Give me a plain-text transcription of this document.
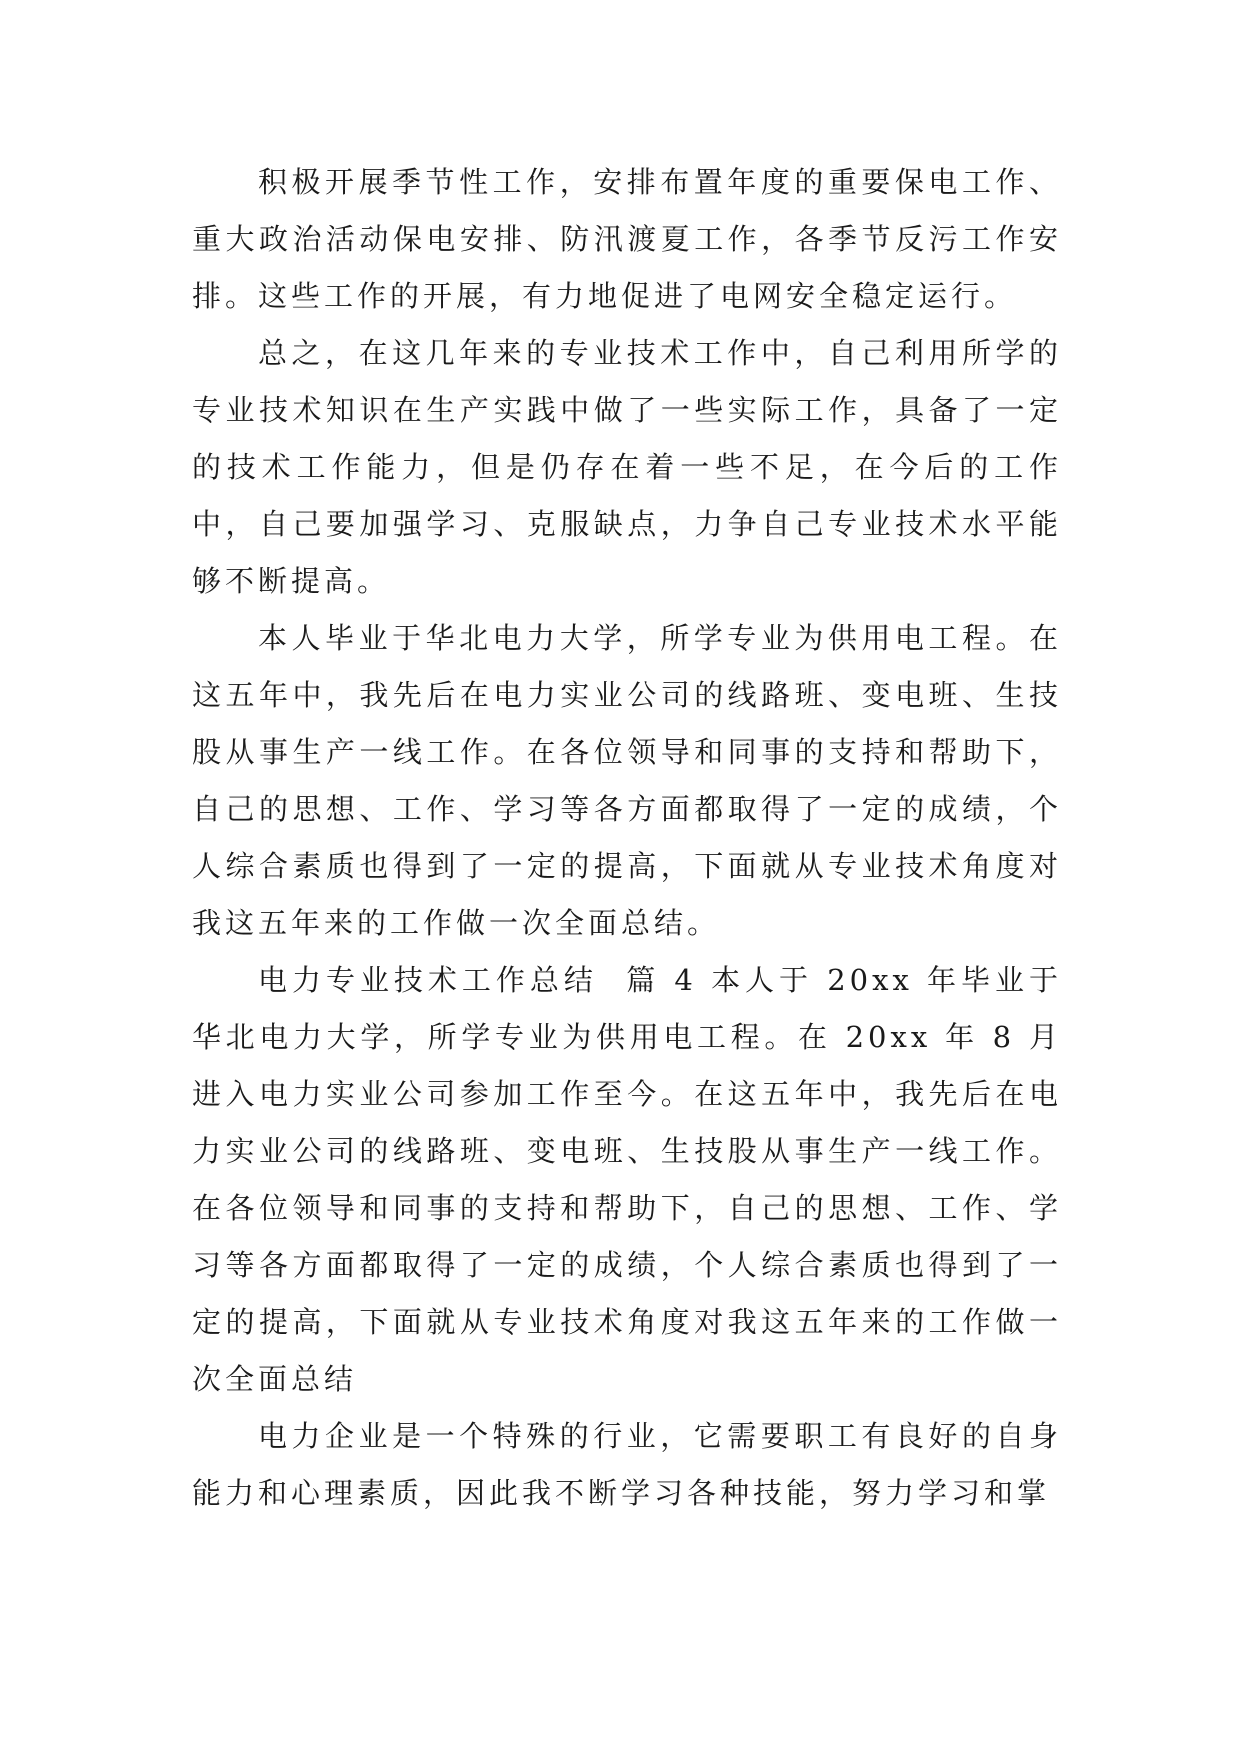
积极开展季节性工作，安排布置年度的重要保电工作、重大政治活动保电安排、防汛渡夏工作，各季节反污工作安排。这些工作的开展，有力地促进了电网安全稳定运行。

总之，在这几年来的专业技术工作中，自己利用所学的专业技术知识在生产实践中做了一些实际工作，具备了一定的技术工作能力，但是仍存在着一些不足，在今后的工作中，自己要加强学习、克服缺点，力争自己专业技术水平能够不断提高。

本人毕业于华北电力大学，所学专业为供用电工程。在这五年中，我先后在电力实业公司的线路班、变电班、生技股从事生产一线工作。在各位领导和同事的支持和帮助下，自己的思想、工作、学习等各方面都取得了一定的成绩，个人综合素质也得到了一定的提高，下面就从专业技术角度对我这五年来的工作做一次全面总结。

电力专业技术工作总结  篇 4 本人于 20xx 年毕业于华北电力大学，所学专业为供用电工程。在 20xx 年 8 月进入电力实业公司参加工作至今。在这五年中，我先后在电力实业公司的线路班、变电班、生技股从事生产一线工作。在各位领导和同事的支持和帮助下，自己的思想、工作、学习等各方面都取得了一定的成绩，个人综合素质也得到了一定的提高，下面就从专业技术角度对我这五年来的工作做一次全面总结

电力企业是一个特殊的行业，它需要职工有良好的自身能力和心理素质，因此我不断学习各种技能，努力学习和掌
